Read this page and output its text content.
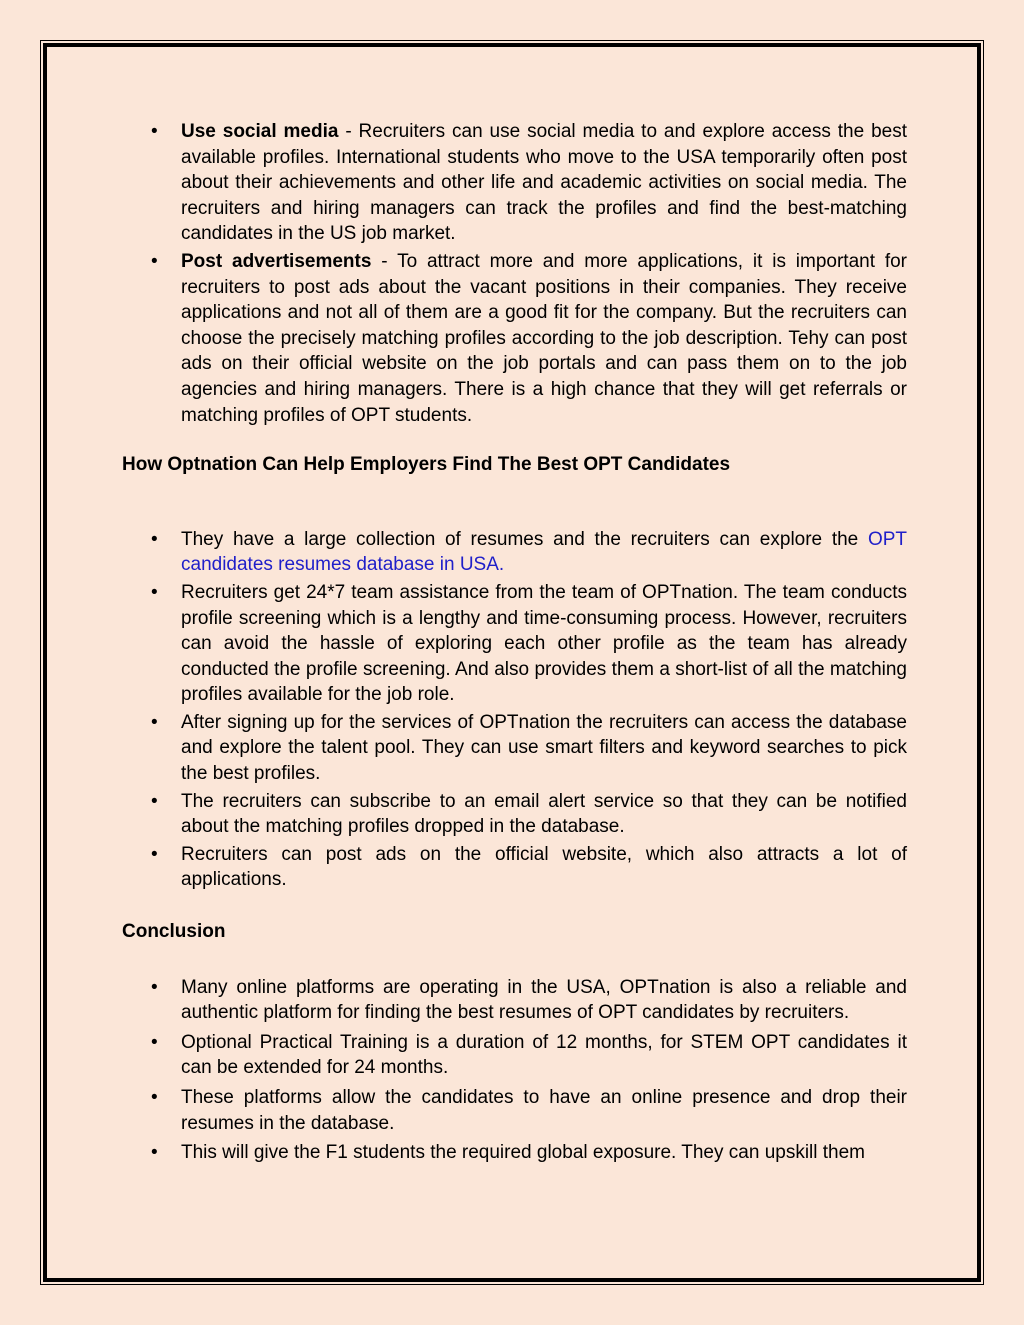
• Use social media - Recruiters can use social media to and explore access the best available profiles. International students who move to the USA temporarily often post about their achievements and other life and academic activities on social media. The recruiters and hiring managers can track the profiles and find the best-matching candidates in the US job market.
• Post advertisements - To attract more and more applications, it is important for recruiters to post ads about the vacant positions in their companies. They receive applications and not all of them are a good fit for the company. But the recruiters can choose the precisely matching profiles according to the job description. Tehy can post ads on their official website on the job portals and can pass them on to the job agencies and hiring managers. There is a high chance that they will get referrals or matching profiles of OPT students.
How Optnation Can Help Employers Find The Best OPT Candidates
• They have a large collection of resumes and the recruiters can explore the OPT candidates resumes database in USA.
• Recruiters get 24*7 team assistance from the team of OPTnation. The team conducts profile screening which is a lengthy and time-consuming process. However, recruiters can avoid the hassle of exploring each other profile as the team has already conducted the profile screening. And also provides them a short-list of all the matching profiles available for the job role.
• After signing up for the services of OPTnation the recruiters can access the database and explore the talent pool. They can use smart filters and keyword searches to pick the best profiles.
• The recruiters can subscribe to an email alert service so that they can be notified about the matching profiles dropped in the database.
• Recruiters can post ads on the official website, which also attracts a lot of applications.
Conclusion
• Many online platforms are operating in the USA, OPTnation is also a reliable and authentic platform for finding the best resumes of OPT candidates by recruiters.
• Optional Practical Training is a duration of 12 months, for STEM OPT candidates it can be extended for 24 months.
• These platforms allow the candidates to have an online presence and drop their resumes in the database.
• This will give the F1 students the required global exposure. They can upskill them
